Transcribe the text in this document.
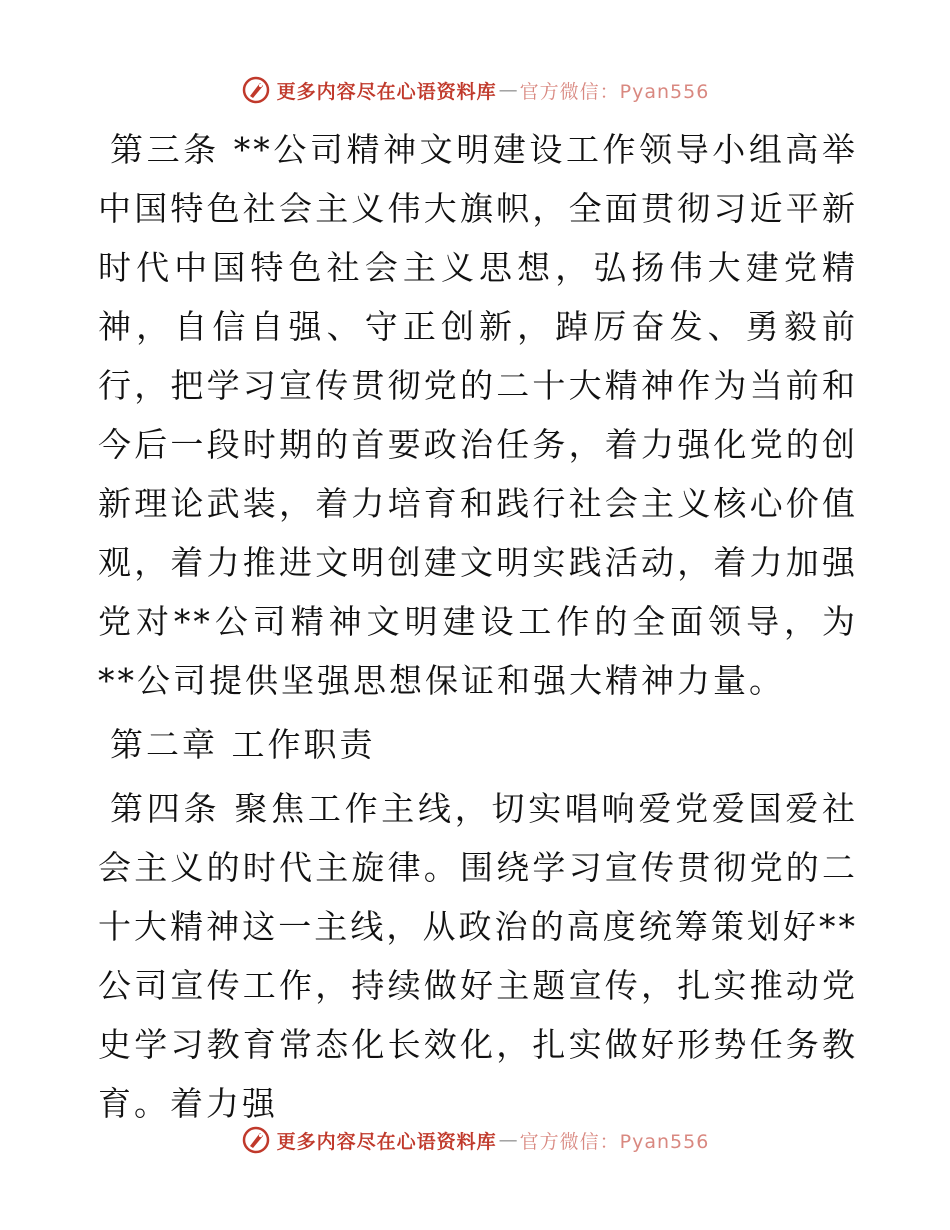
更多内容尽在心语资料库 — 官方微信：Pyan556

第三条 **公司精神文明建设工作领导小组高举中国特色社会主义伟大旗帜，全面贯彻习近平新时代中国特色社会主义思想，弘扬伟大建党精神，自信自强、守正创新，踔厉奋发、勇毅前行，把学习宣传贯彻党的二十大精神作为当前和今后一段时期的首要政治任务，着力强化党的创新理论武装，着力培育和践行社会主义核心价值观，着力推进文明创建文明实践活动，着力加强党对**公司精神文明建设工作的全面领导，为**公司提供坚强思想保证和强大精神力量。

第二章 工作职责

第四条 聚焦工作主线，切实唱响爱党爱国爱社会主义的时代主旋律。围绕学习宣传贯彻党的二十大精神这一主线，从政治的高度统筹策划好**公司宣传工作，持续做好主题宣传，扎实推动党史学习教育常态化长效化，扎实做好形势任务教育。着力强

更多内容尽在心语资料库 — 官方微信：Pyan556
